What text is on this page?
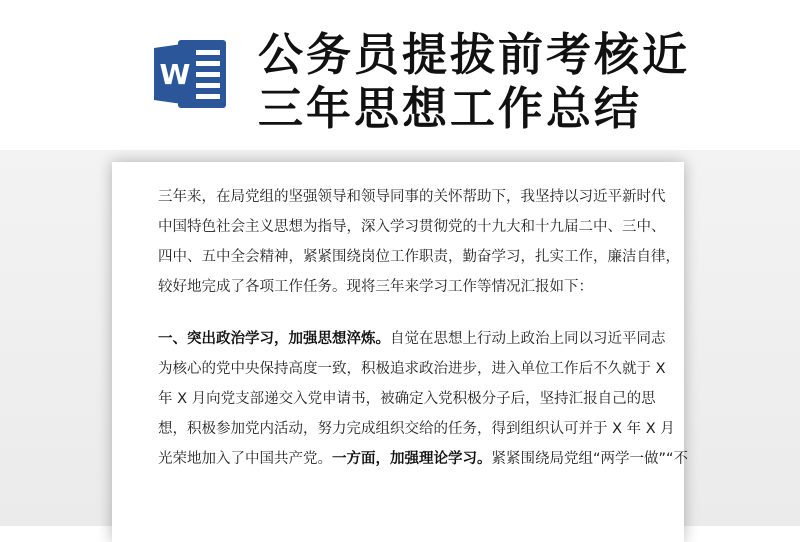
W 公务员提拔前考核近
三年思想工作总结
三年来，在局党组的坚强领导和领导同事的关怀帮助下，我坚持以习近平新时代
中国特色社会主义思想为指导，深入学习贯彻党的十九大和十九届二中、三中、
四中、五中全会精神，紧紧围绕岗位工作职责，勤奋学习，扎实工作，廉洁自律，
较好地完成了各项工作任务。现将三年来学习工作等情况汇报如下：
一、突出政治学习，加强思想淬炼。自觉在思想上行动上政治上同以习近平同志
为核心的党中央保持高度一致，积极追求政治进步，进入单位工作后不久就于 X
年 X 月向党支部递交入党申请书，被确定入党积极分子后，坚持汇报自己的思
想，积极参加党内活动，努力完成组织交给的任务，得到组织认可并于 X 年 X 月
光荣地加入了中国共产党。一方面，加强理论学习。紧紧围绕局党组“两学一做”“不
